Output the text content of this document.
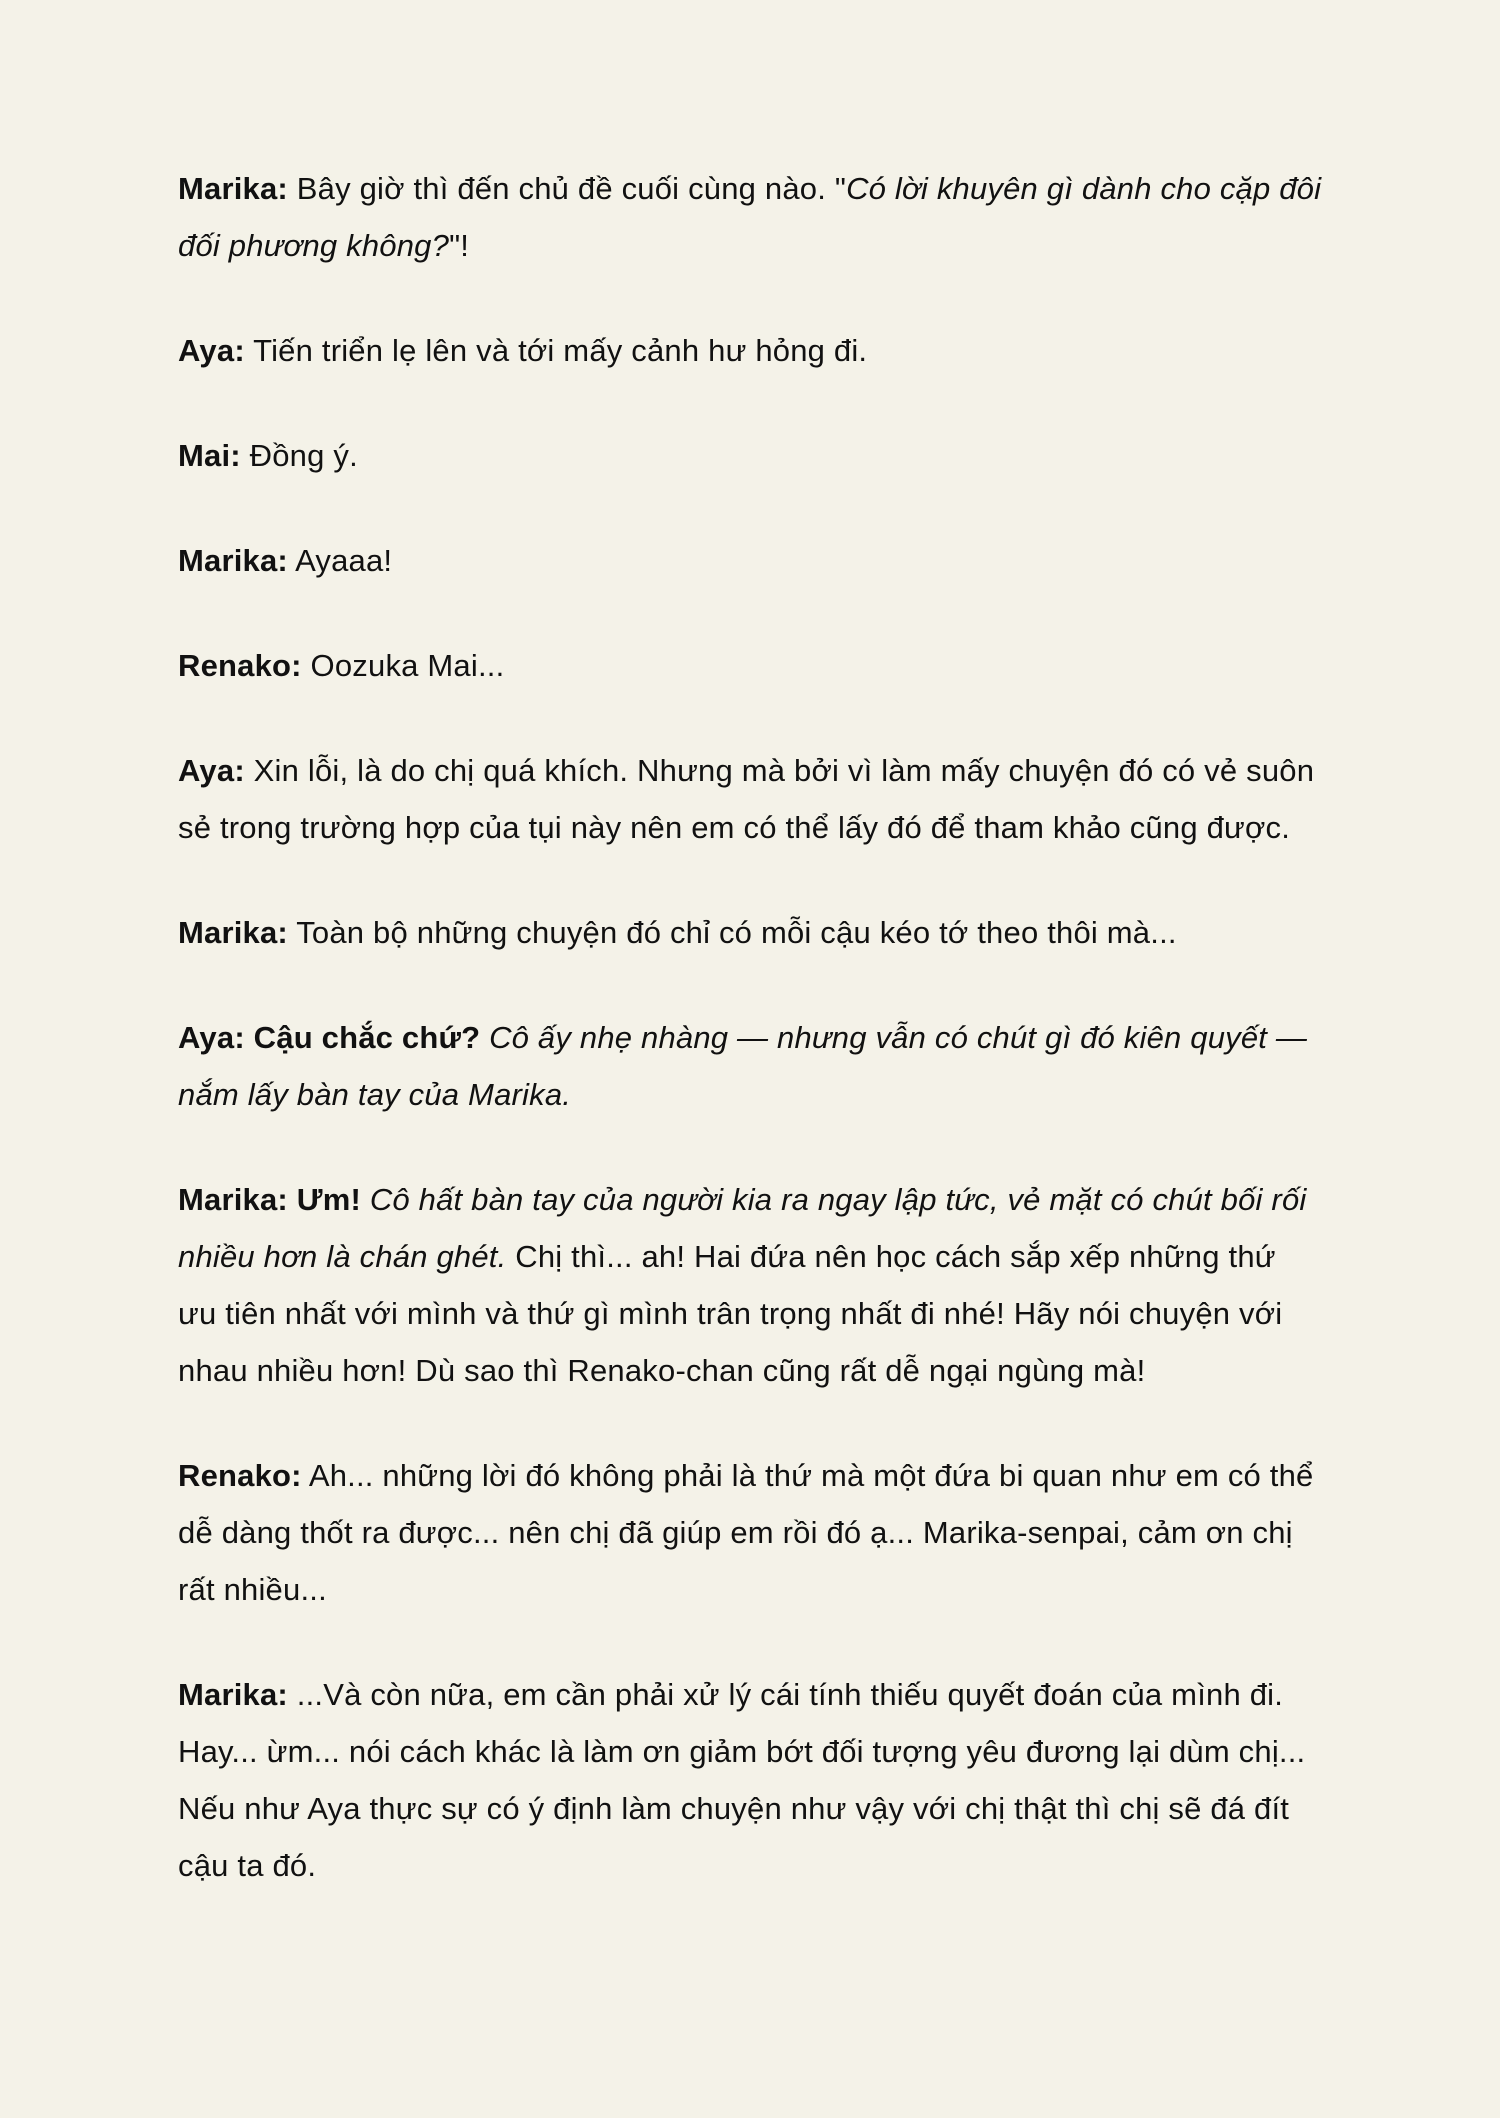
Marika: Bây giờ thì đến chủ đề cuối cùng nào. "Có lời khuyên gì dành cho cặp đôi đối phương không?"!

Aya: Tiến triển lẹ lên và tới mấy cảnh hư hỏng đi.

Mai: Đồng ý.

Marika: Ayaaa!

Renako: Oozuka Mai...

Aya: Xin lỗi, là do chị quá khích. Nhưng mà bởi vì làm mấy chuyện đó có vẻ suôn sẻ trong trường hợp của tụi này nên em có thể lấy đó để tham khảo cũng được.

Marika: Toàn bộ những chuyện đó chỉ có mỗi cậu kéo tớ theo thôi mà...

Aya: Cậu chắc chứ? Cô ấy nhẹ nhàng — nhưng vẫn có chút gì đó kiên quyết — nắm lấy bàn tay của Marika.

Marika: Ưm! Cô hất bàn tay của người kia ra ngay lập tức, vẻ mặt có chút bối rối nhiều hơn là chán ghét. Chị thì... ah! Hai đứa nên học cách sắp xếp những thứ ưu tiên nhất với mình và thứ gì mình trân trọng nhất đi nhé! Hãy nói chuyện với nhau nhiều hơn! Dù sao thì Renako-chan cũng rất dễ ngại ngùng mà!

Renako: Ah... những lời đó không phải là thứ mà một đứa bi quan như em có thể dễ dàng thốt ra được... nên chị đã giúp em rồi đó ạ... Marika-senpai, cảm ơn chị rất nhiều...

Marika: ...Và còn nữa, em cần phải xử lý cái tính thiếu quyết đoán của mình đi. Hay... ừm... nói cách khác là làm ơn giảm bớt đối tượng yêu đương lại dùm chị... Nếu như Aya thực sự có ý định làm chuyện như vậy với chị thật thì chị sẽ đá đít cậu ta đó.
